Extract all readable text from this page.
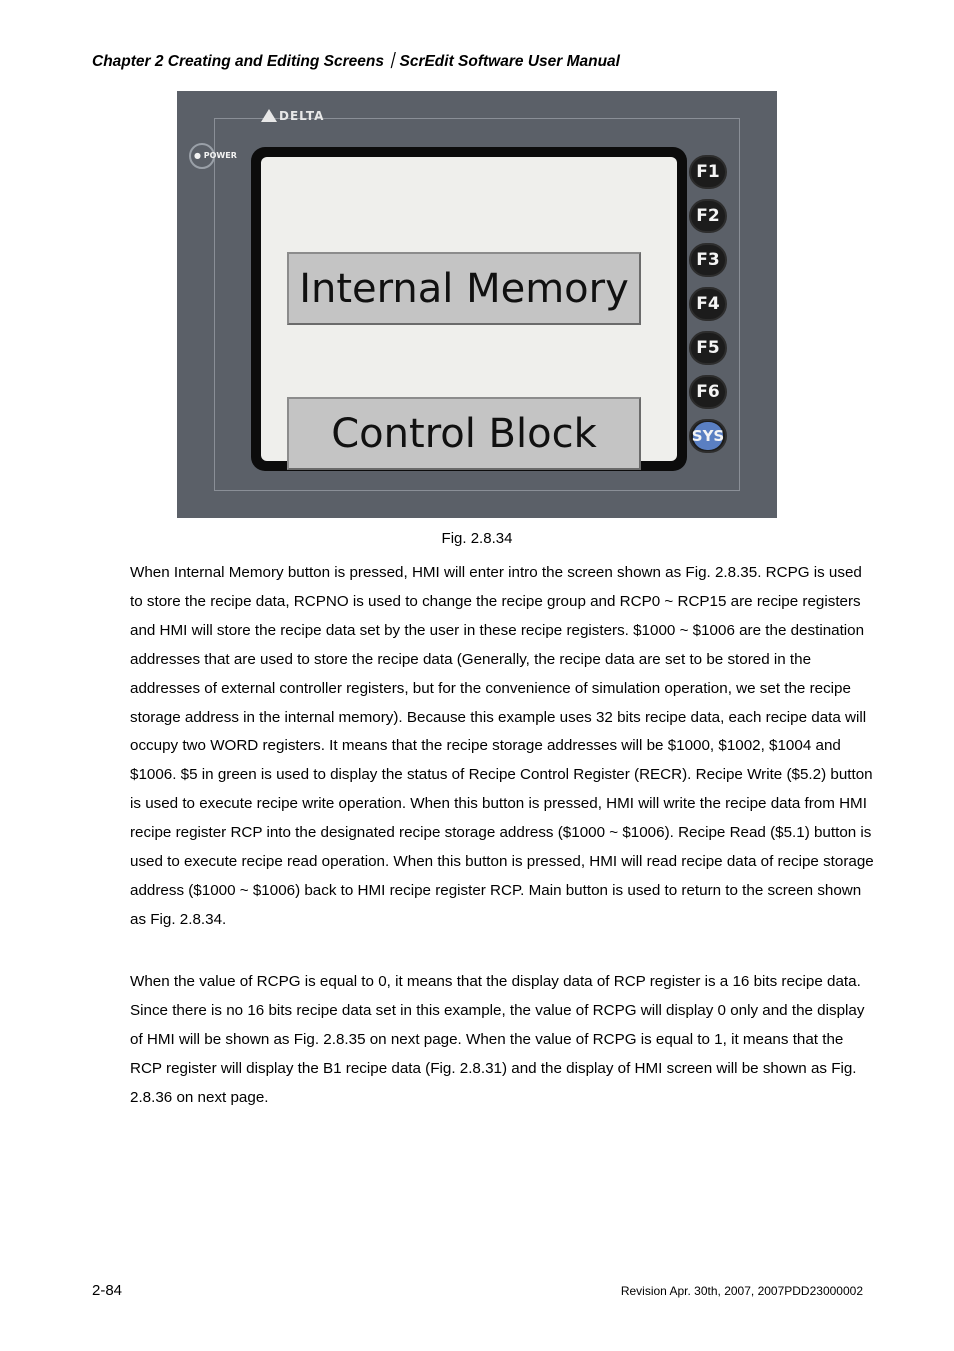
Chapter 2 Creating and Editing Screens｜ScrEdit Software User Manual
DELTA
● POWER
Internal Memory
Control Block
F1
F2
F3
F4
F5
F6
SYS
Fig. 2.8.34
When Internal Memory button is pressed, HMI will enter intro the screen shown as Fig. 2.8.35. RCPG is used to store the recipe data, RCPNO is used to change the recipe group and RCP0 ~ RCP15 are recipe registers and HMI will store the recipe data set by the user in these recipe registers. $1000 ~ $1006 are the destination addresses that are used to store the recipe data (Generally, the recipe data are set to be stored in the addresses of external controller registers, but for the convenience of simulation operation, we set the recipe storage address in the internal memory). Because this example uses 32 bits recipe data, each recipe data will occupy two WORD registers. It means that the recipe storage addresses will be $1000, $1002, $1004 and $1006. $5 in green is used to display the status of Recipe Control Register (RECR). Recipe Write ($5.2) button is used to execute recipe write operation. When this button is pressed, HMI will write the recipe data from HMI recipe register RCP into the designated recipe storage address ($1000 ~ $1006). Recipe Read ($5.1) button is used to execute recipe read operation. When this button is pressed, HMI will read recipe data of recipe storage address ($1000 ~ $1006) back to HMI recipe register RCP. Main button is used to return to the screen shown as Fig. 2.8.34.
When the value of RCPG is equal to 0, it means that the display data of RCP register is a 16 bits recipe data. Since there is no 16 bits recipe data set in this example, the value of RCPG will display 0 only and the display of HMI will be shown as Fig. 2.8.35 on next page. When the value of RCPG is equal to 1, it means that the RCP register will display the B1 recipe data (Fig. 2.8.31) and the display of HMI screen will be shown as Fig. 2.8.36 on next page.
2-84	Revision Apr. 30th, 2007, 2007PDD23000002
